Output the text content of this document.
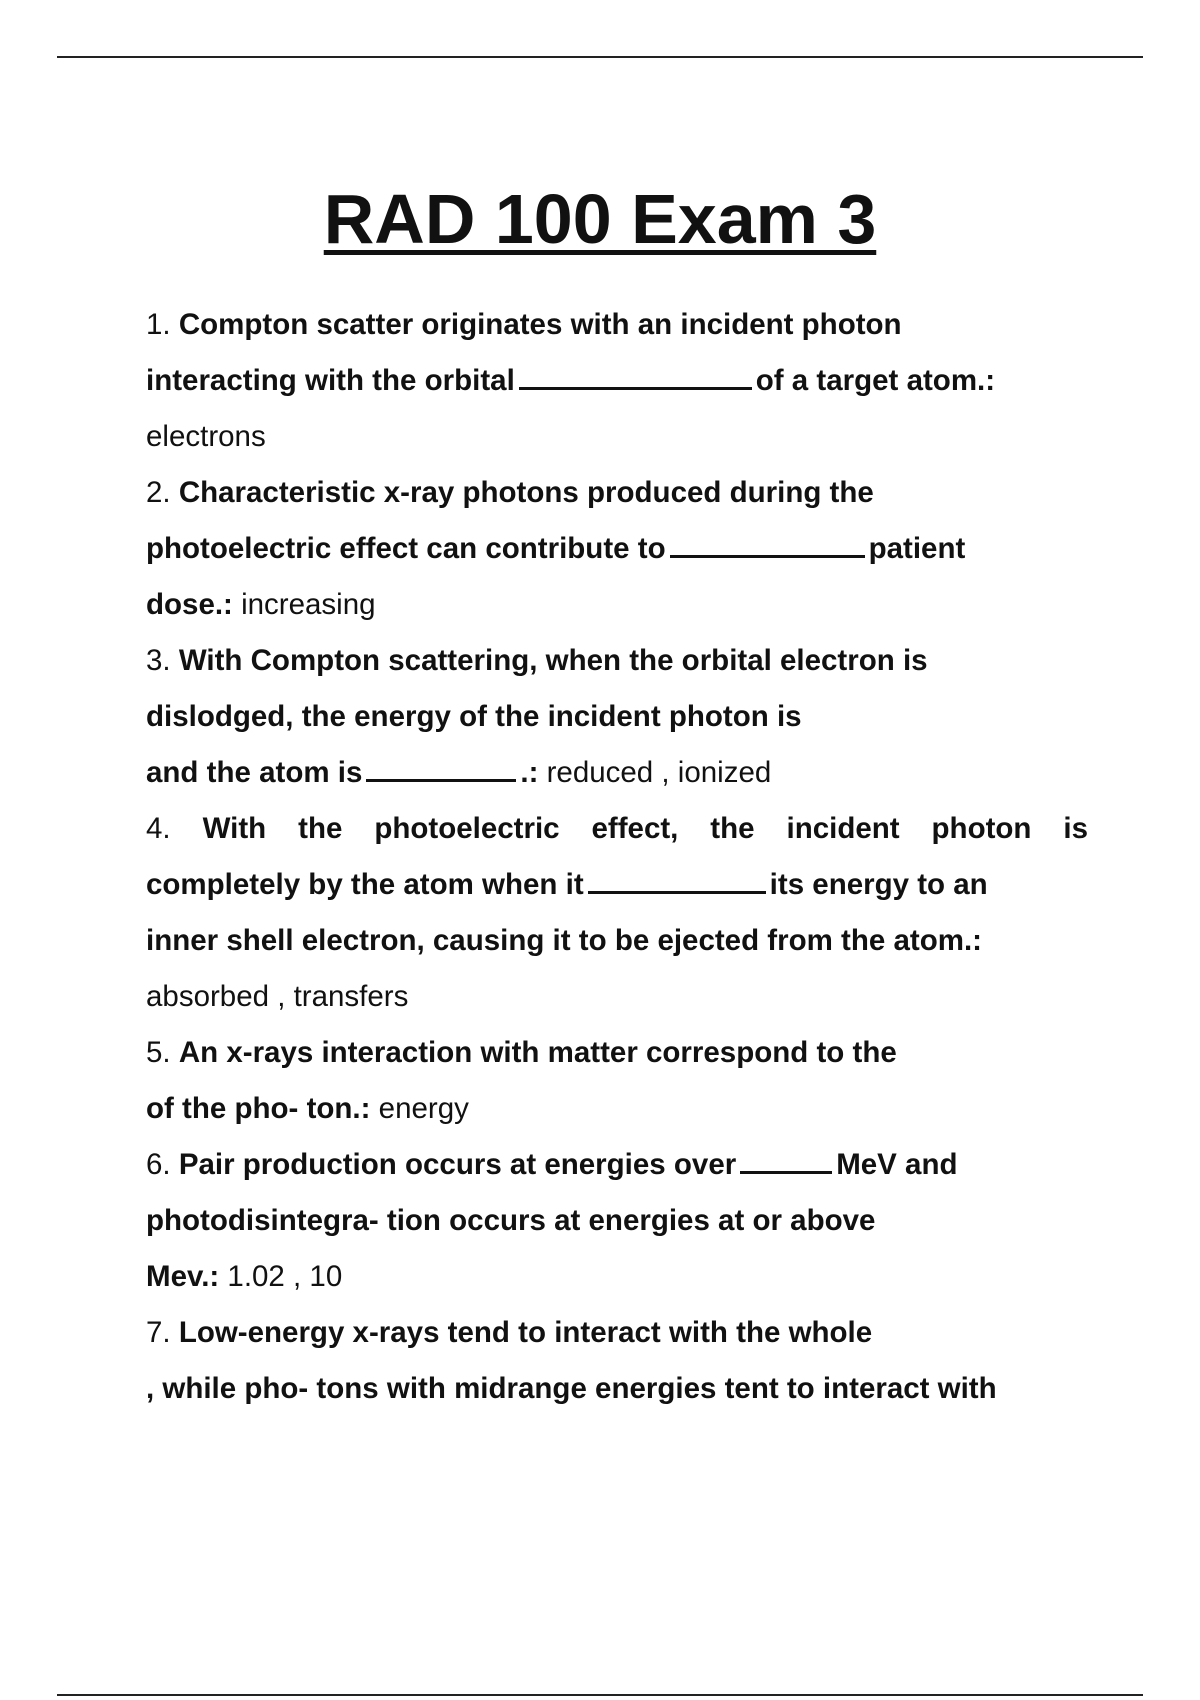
RAD 100 Exam 3
1. Compton scatter originates with an incident photon
interacting with the orbital	of a target atom.:
electrons
2. Characteristic x-ray photons produced during the
photoelectric effect can contribute to	patient
dose.: increasing
3. With Compton scattering, when the orbital electron is
dislodged, the energy of the incident photon is
and the atom is	.: reduced , ionized
4. With the photoelectric effect, the incident photon is
completely by the atom when it	its energy to an
inner shell electron, causing it to be ejected from the atom.:
absorbed , transfers
5. An x-rays interaction with matter correspond to the
of the pho- ton.: energy
6. Pair production occurs at energies over	MeV and
photodisintegra- tion occurs at energies at or above
Mev.: 1.02 , 10
7. Low-energy x-rays tend to interact with the whole
, while pho- tons with midrange energies tent to interact with
